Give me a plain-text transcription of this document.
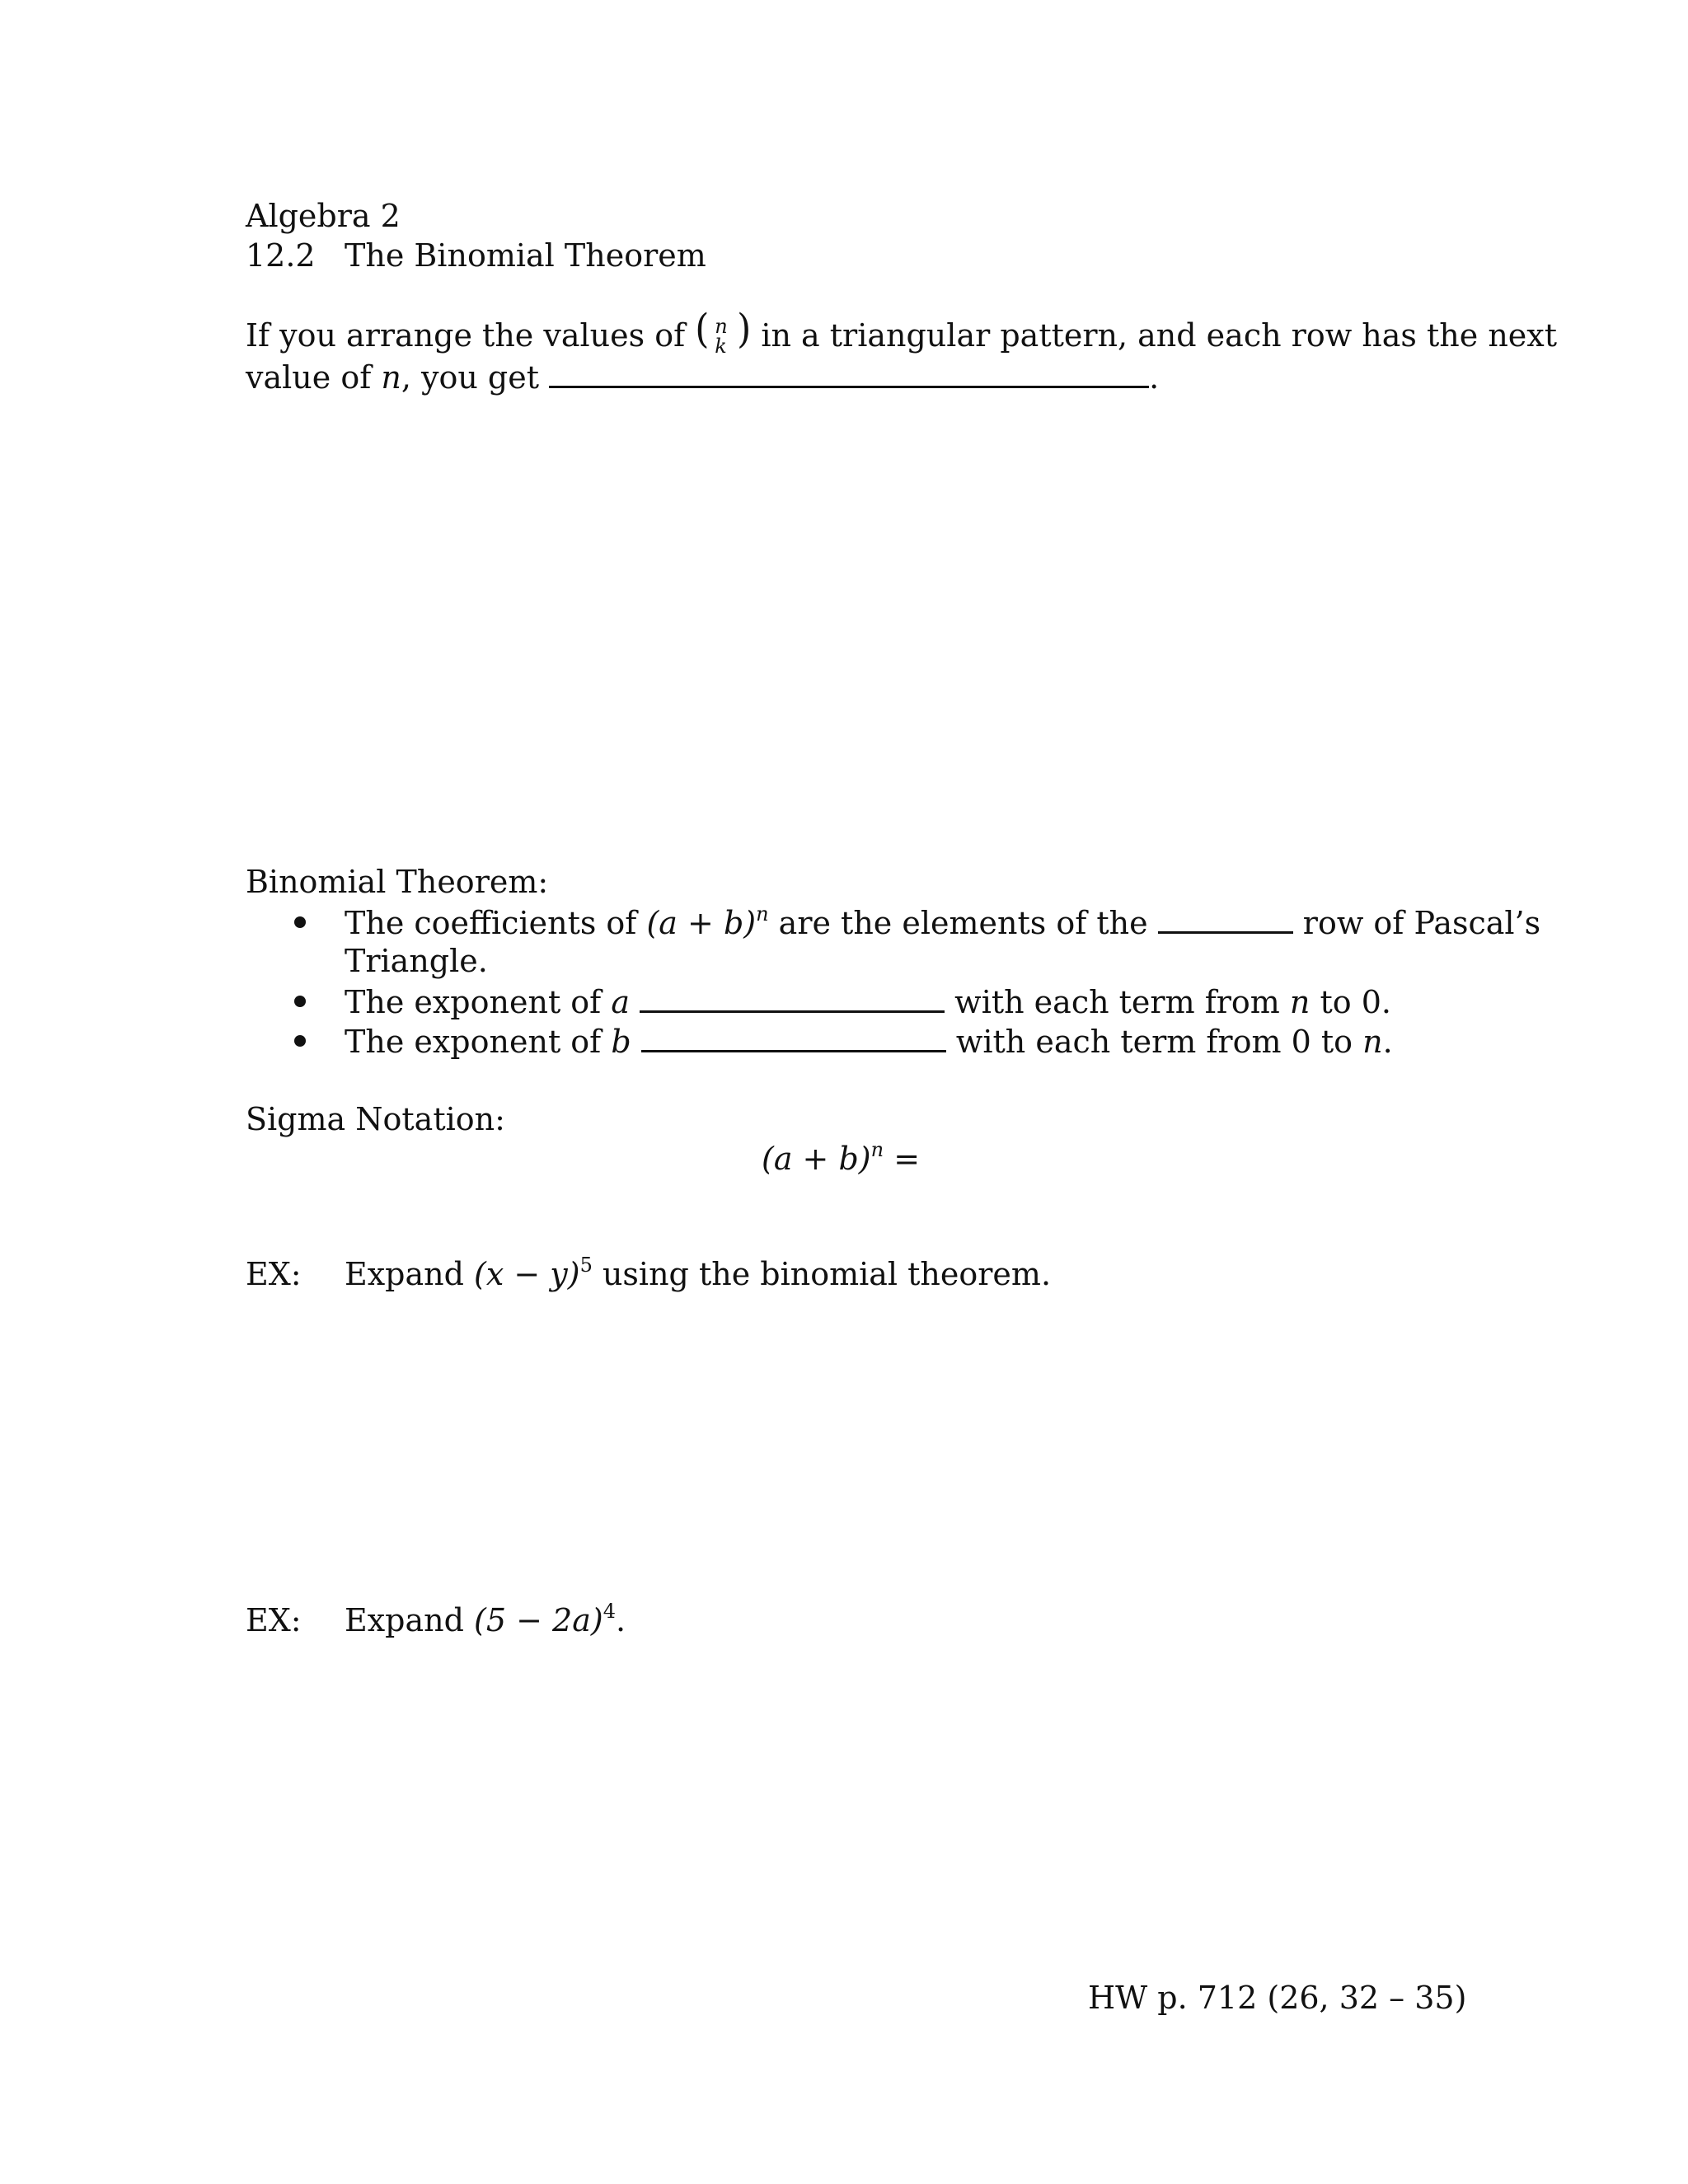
Algebra 2
12.2 The Binomial Theorem
If you arrange the values of ( n
k ) in a triangular pattern, and each row has the next
value of n, you get	.
Binomial Theorem:
The coefficients of $(a + b)^n$ are the elements of the	row of Pascal’s
Triangle.
The exponent of a	with each term from n to 0.
The exponent of b	with each term from 0 to n.
Sigma Notation:
$(a + b)^n$ =
EX: Expand $(x - y)^5$ using the binomial theorem.
EX: Expand $(5 - 2a)^4$.
HW p. 712 (26, 32 – 35)
